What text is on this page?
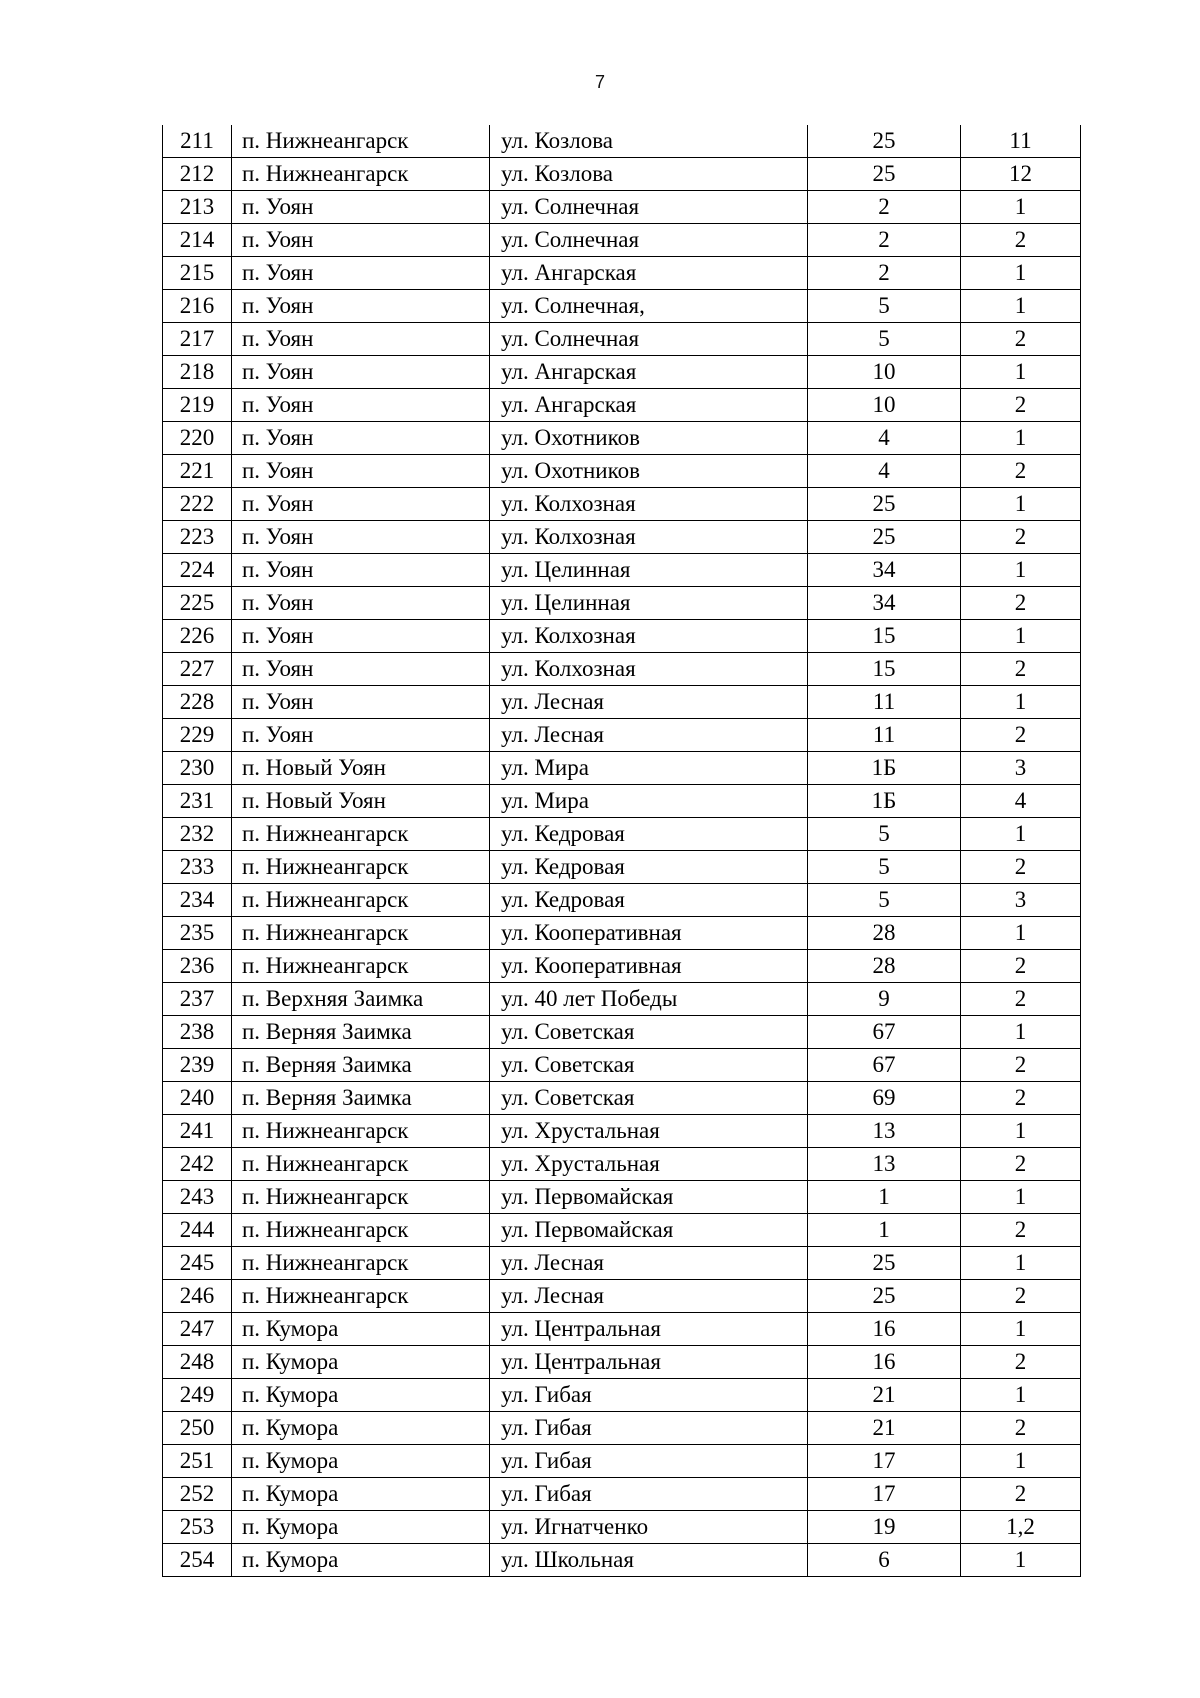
7
211	п. Нижнеангарск	ул. Козлова	25	11
212	п. Нижнеангарск	ул. Козлова	25	12
213	п. Уоян	ул. Солнечная	2	1
214	п. Уоян	ул. Солнечная	2	2
215	п. Уоян	ул. Ангарская	2	1
216	п. Уоян	ул. Солнечная,	5	1
217	п. Уоян	ул. Солнечная	5	2
218	п. Уоян	ул. Ангарская	10	1
219	п. Уоян	ул. Ангарская	10	2
220	п. Уоян	ул. Охотников	4	1
221	п. Уоян	ул. Охотников	4	2
222	п. Уоян	ул. Колхозная	25	1
223	п. Уоян	ул. Колхозная	25	2
224	п. Уоян	ул. Целинная	34	1
225	п. Уоян	ул. Целинная	34	2
226	п. Уоян	ул. Колхозная	15	1
227	п. Уоян	ул. Колхозная	15	2
228	п. Уоян	ул. Лесная	11	1
229	п. Уоян	ул. Лесная	11	2
230	п. Новый Уоян	ул. Мира	1Б	3
231	п. Новый Уоян	ул. Мира	1Б	4
232	п. Нижнеангарск	ул. Кедровая	5	1
233	п. Нижнеангарск	ул. Кедровая	5	2
234	п. Нижнеангарск	ул. Кедровая	5	3
235	п. Нижнеангарск	ул. Кооперативная	28	1
236	п. Нижнеангарск	ул. Кооперативная	28	2
237	п. Верхняя Заимка	ул. 40 лет Победы	9	2
238	п. Верняя Заимка	ул. Советская	67	1
239	п. Верняя Заимка	ул. Советская	67	2
240	п. Верняя Заимка	ул. Советская	69	2
241	п. Нижнеангарск	ул. Хрустальная	13	1
242	п. Нижнеангарск	ул. Хрустальная	13	2
243	п. Нижнеангарск	ул. Первомайская	1	1
244	п. Нижнеангарск	ул. Первомайская	1	2
245	п. Нижнеангарск	ул. Лесная	25	1
246	п. Нижнеангарск	ул. Лесная	25	2
247	п. Кумора	ул. Центральная	16	1
248	п. Кумора	ул. Центральная	16	2
249	п. Кумора	ул. Гибая	21	1
250	п. Кумора	ул. Гибая	21	2
251	п. Кумора	ул. Гибая	17	1
252	п. Кумора	ул. Гибая	17	2
253	п. Кумора	ул. Игнатченко	19	1,2
254	п. Кумора	ул. Школьная	6	1
